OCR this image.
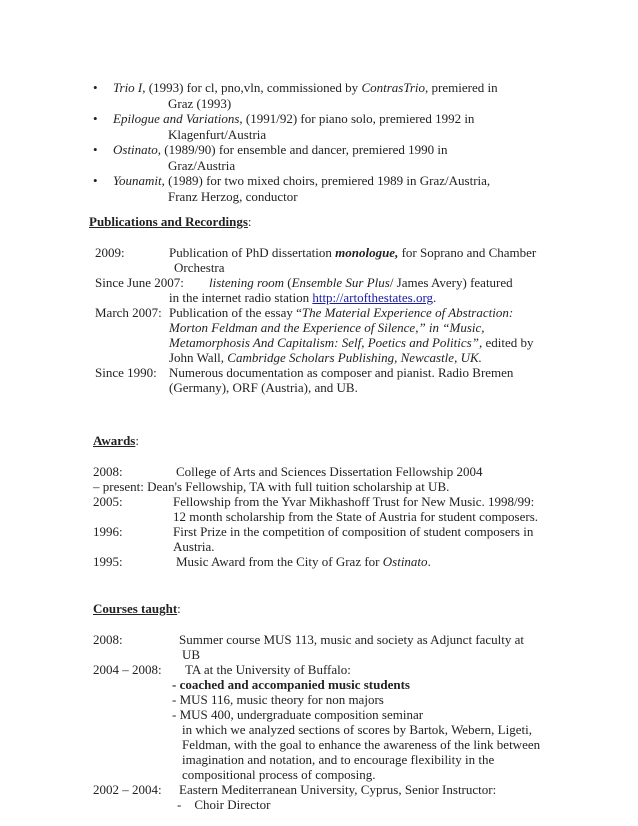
• Trio I, (1993) for cl, pno,vln, commissioned by ContrasTrio, premiered in
Graz (1993)
• Epilogue and Variations, (1991/92) for piano solo, premiered 1992 in
Klagenfurt/Austria
• Ostinato, (1989/90) for ensemble and dancer, premiered 1990 in
Graz/Austria
• Younamit, (1989) for two mixed choirs, premiered 1989 in Graz/Austria,
Franz Herzog, conductor
Publications and Recordings:
2009:	Publication of PhD dissertation monologue, for Soprano and Chamber
Orchestra
Since June 2007: listening room (Ensemble Sur Plus/ James Avery) featured
in the internet radio station http://artofthestates.org.
March 2007: Publication of the essay “The Material Experience of Abstraction:
Morton Feldman and the Experience of Silence,” in “Music,
Metamorphosis And Capitalism: Self, Poetics and Politics”, edited by
John Wall, Cambridge Scholars Publishing, Newcastle, UK.
Since 1990: Numerous documentation as composer and pianist. Radio Bremen
(Germany), ORF (Austria), and UB.
Awards:
2008:	College of Arts and Sciences Dissertation Fellowship 2004
– present: Dean's Fellowship, TA with full tuition scholarship at UB.
2005:	Fellowship from the Yvar Mikhashoff Trust for New Music. 1998/99:
12 month scholarship from the State of Austria for student composers.
1996:	First Prize in the competition of composition of student composers in
Austria.
1995:	Music Award from the City of Graz for Ostinato.
Courses taught:
2008:	Summer course MUS 113, music and society as Adjunct faculty at
UB
2004 – 2008: TA at the University of Buffalo:
- coached and accompanied music students
- MUS 116, music theory for non majors
- MUS 400, undergraduate composition seminar
in which we analyzed sections of scores by Bartok, Webern, Ligeti,
Feldman, with the goal to enhance the awareness of the link between
imagination and notation, and to encourage flexibility in the
compositional process of composing.
2002 – 2004: Eastern Mediterranean University, Cyprus, Senior Instructor:
-    Choir Director
